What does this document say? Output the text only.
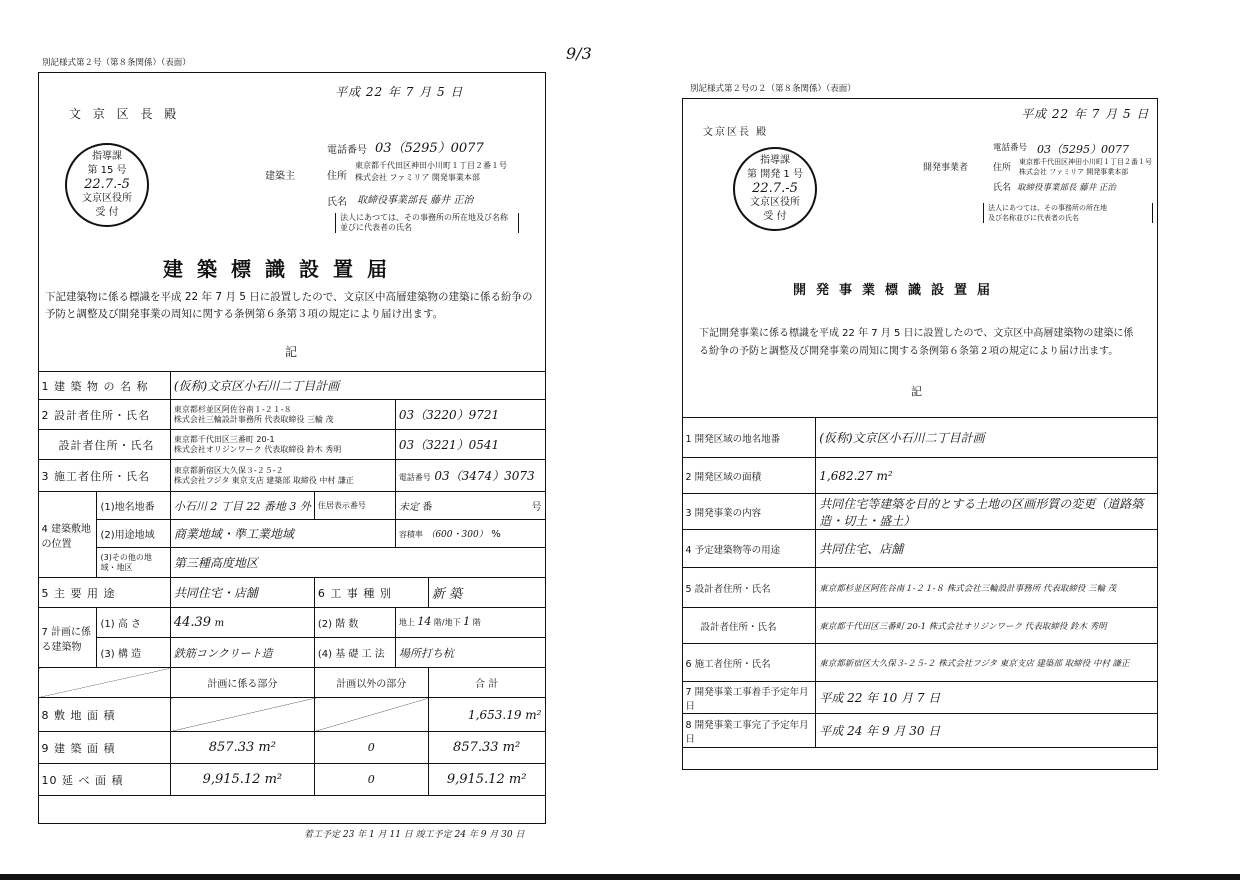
9/3
別記様式第２号（第８条関係）（表面）
平成 22 年 7 月 5 日
文 京 区 長 殿
指導課
第 15 号
22.7.-5
文京区役所
受 付
建築主
電話番号 03（5295）0077
住所
東京都千代田区神田小川町１丁目２番１号
株式会社 ファミリア 開発事業本部
氏名 取締役事業部長 藤井 正治
法人にあつては、その事務所の所在地及び名称並びに代表者の氏名
建築標識設置届
下記建築物に係る標識を平成 22 年 7 月 5 日に設置したので、文京区中高層建築物の建築に係る紛争の予防と調整及び開発事業の周知に関する条例第６条第３項の規定により届け出ます。
記
1 建 築 物 の 名 称		(仮称)文京区小石川二丁目計画			
2 設計者住所・氏名		東京都杉並区阿佐谷南１-２１-８
株式会社三輪設計事務所 代表取締役 三輪 茂		03（3220）9721	
設計者住所・氏名		東京都千代田区三番町 20-1
株式会社オリジンワーク 代表取締役 鈴木 秀明		03（3221）0541	
3 施工者住所・氏名		東京都新宿区大久保３-２５-２
株式会社フジタ 東京支店 建築部 取締役 中村 謙正		電話番号 03（3474）3073	
4 建築敷地の位置	(1)地名地番	小石川 2 丁目 22 番地 3 外	住居表示番号	未定 番 号	

	(2)用途地域	商業地域・準工業地域		容積率 （600・300） %	
	(3)その他の地域・地区	第三種高度地区			
5 主 要 用 途		共同住宅・店舗	6 工 事 種 別		新 築
7 計画に係る建築物	(1) 高 さ	44.39 m	(2) 階 数	地上 14 階/地下 1 階	
	(3) 構 造	鉄筋コンクリート造	(4) 基 礎 工 法	場所打ち杭	
		計画に係る部分	計画以外の部分		合 計
8 敷 地 面 積					1,653.19 m²
9 建 築 面 積		857.33 m²	0		857.33 m²
10 延 べ 面 積		9,915.12 m²	0		9,915.12 m²
着工予定 23 年 1 月 11 日 竣工予定 24 年 9 月 30 日
別記様式第２号の２（第８条関係）（表面）
平成 22 年 7 月 5 日
文京区長 殿
指導課
第 開発 1 号
22.7.-5
文京区役所
受 付
開発事業者
電話番号 03（5295）0077
住所
東京都千代田区神田小川町１丁目２番１号
株式会社 ファミリア 開発事業本部
氏名 取締役事業部長 藤井 正治
法人にあつては、その事務所の所在地
及び名称並びに代表者の氏名
開発事業標識設置届
下記開発事業に係る標識を平成 22 年 7 月 5 日に設置したので、文京区中高層建築物の建築に係る紛争の予防と調整及び開発事業の周知に関する条例第６条第２項の規定により届け出ます。
記
1 開発区域の地名地番	(仮称)文京区小石川二丁目計画
2 開発区域の面積	1,682.27 m²
3 開発事業の内容	共同住宅等建築を目的とする土地の区画形質の変更（道路築造・切土・盛土）
4 予定建築物等の用途	共同住宅、店舗
5 設計者住所・氏名	東京都杉並区阿佐谷南１-２１-８ 株式会社三輪設計事務所 代表取締役 三輪 茂
設計者住所・氏名	東京都千代田区三番町 20-1 株式会社オリジンワーク 代表取締役 鈴木 秀明
6 施工者住所・氏名	東京都新宿区大久保３-２５-２ 株式会社フジタ 東京支店 建築部 取締役 中村 謙正
7 開発事業工事着手予定年月日	平成 22 年 10 月 7 日
8 開発事業工事完了予定年月日	平成 24 年 9 月 30 日
